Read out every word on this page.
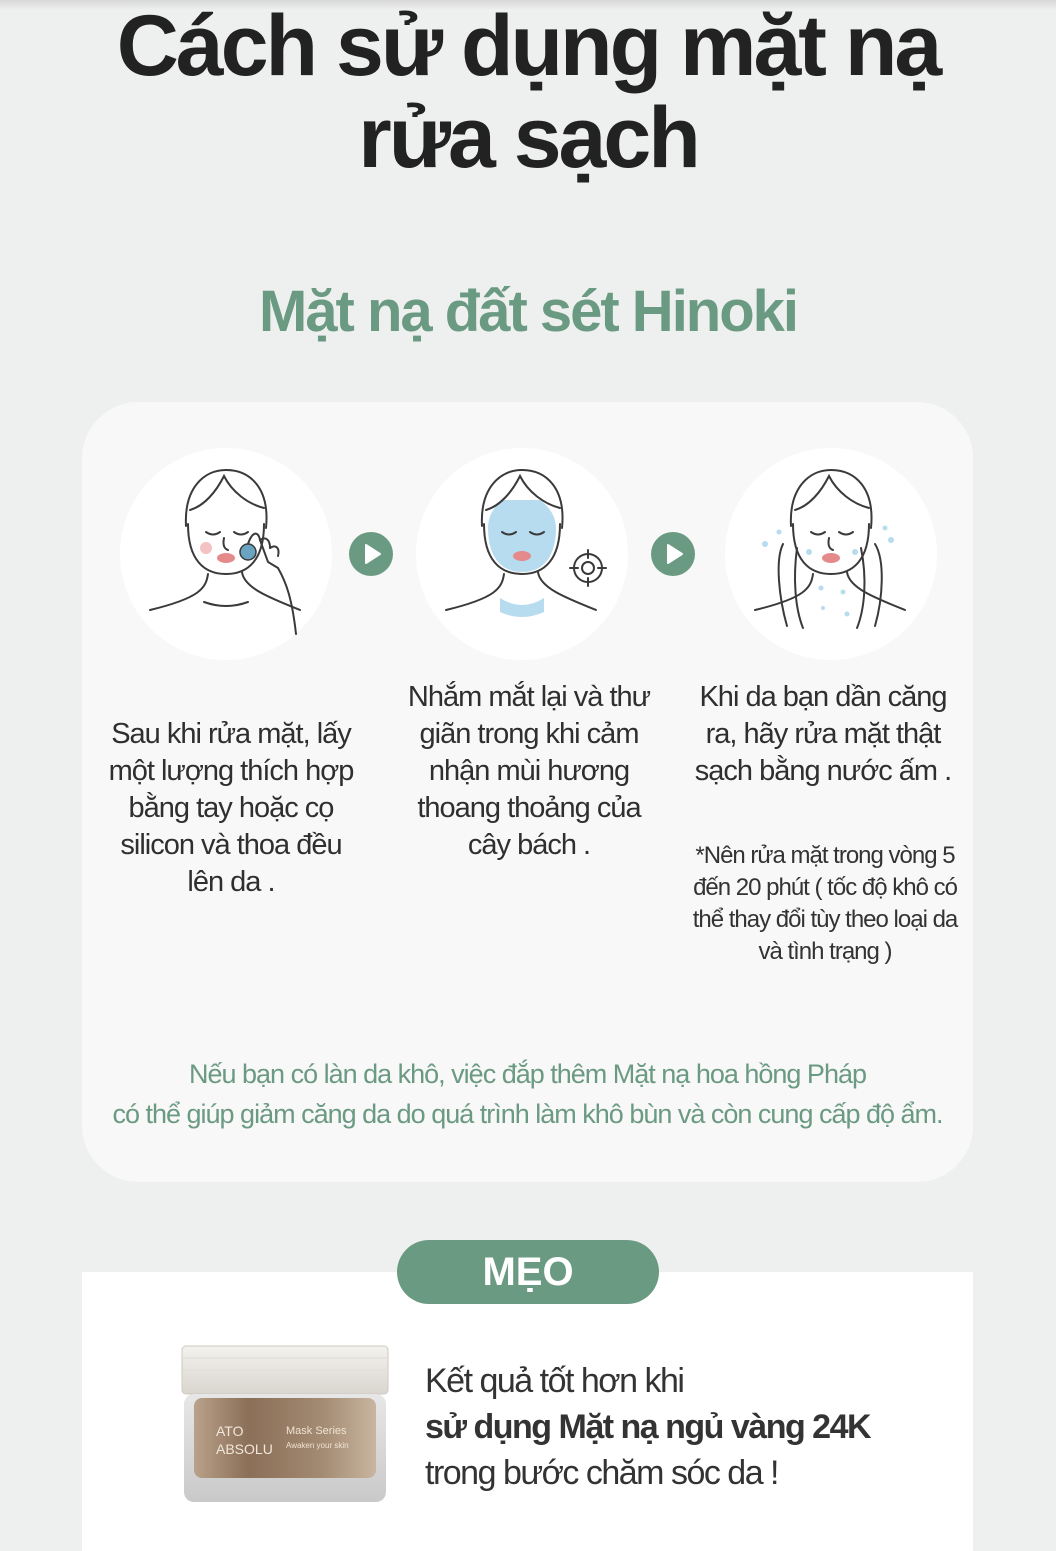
Cách sử dụng mặt nạ
rửa sạch
Mặt nạ đất sét Hinoki
Sau khi rửa mặt, lấy một lượng thích hợp bằng tay hoặc cọ silicon và thoa đều lên da .
Nhắm mắt lại và thư giãn trong khi cảm nhận mùi hương thoang thoảng của cây bách .
Khi da bạn dần căng ra, hãy rửa mặt thật sạch bằng nước ấm .
*Nên rửa mặt trong vòng 5 đến 20 phút ( tốc độ khô có thể thay đổi tùy theo loại da và tình trạng )
Nếu bạn có làn da khô, việc đắp thêm Mặt nạ hoa hồng Pháp
có thể giúp giảm căng da do quá trình làm khô bùn và còn cung cấp độ ẩm.
MẸO
ATO
ABSOLU
Mask Series
Awaken your skin
Kết quả tốt hơn khi
sử dụng Mặt nạ ngủ vàng 24K
trong bước chăm sóc da !
